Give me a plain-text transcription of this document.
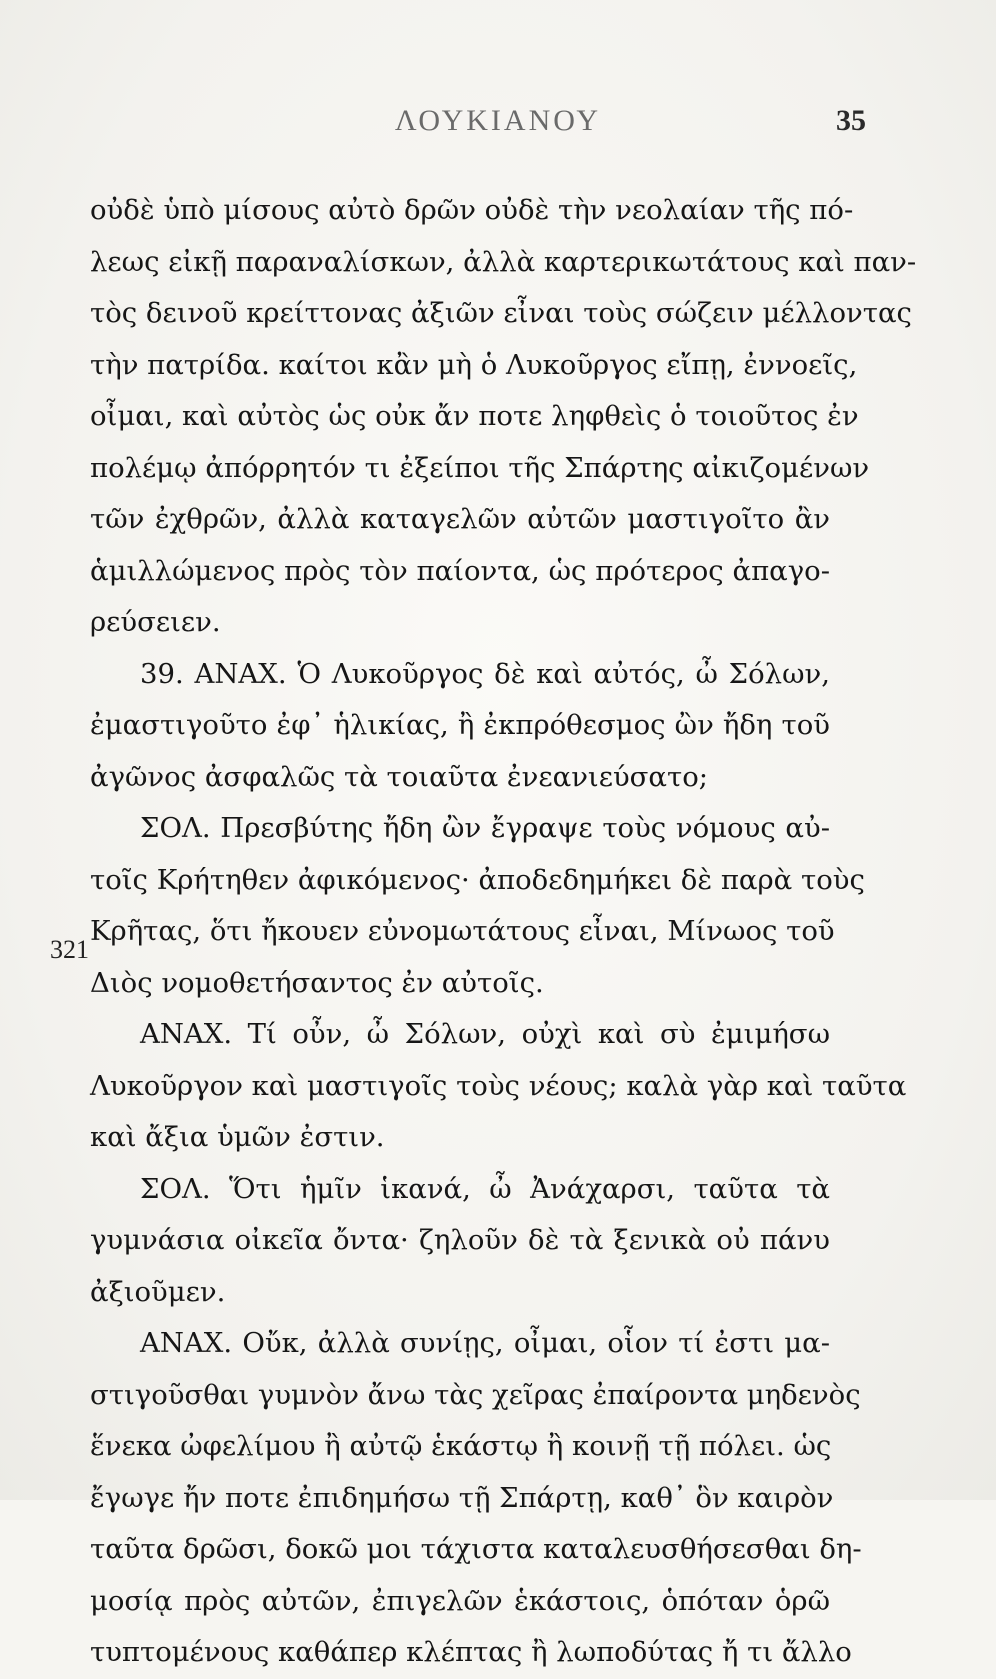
ΛΟΥΚΙΑΝΟΥ	35
321
οὐδὲ ὑπὸ μίσους αὐτὸ δρῶν οὐδὲ τὴν νεολαίαν τῆς πό-
λεως εἰκῇ παραναλίσκων, ἀλλὰ καρτερικωτάτους καὶ παν-
τὸς δεινοῦ κρείττονας ἀξιῶν εἶναι τοὺς σώζειν μέλλοντας
τὴν πατρίδα. καίτοι κἂν μὴ ὁ Λυκοῦργος εἴπῃ, ἐννοεῖς,
οἶμαι, καὶ αὐτὸς ὡς οὐκ ἄν ποτε ληφθεὶς ὁ τοιοῦτος ἐν
πολέμῳ ἀπόρρητόν τι ἐξείποι τῆς Σπάρτης αἰκιζομένων
τῶν ἐχθρῶν, ἀλλὰ καταγελῶν αὐτῶν μαστιγοῖτο ἂν
ἁμιλλώμενος πρὸς τὸν παίοντα, ὡς πρότερος ἀπαγο-
ρεύσειεν.
39. ΑΝΑΧ. Ὁ Λυκοῦργος δὲ καὶ αὐτός, ὦ Σόλων,
ἐμαστιγοῦτο ἐφ᾽ ἡλικίας, ἢ ἐκπρόθεσμος ὢν ἤδη τοῦ
ἀγῶνος ἀσφαλῶς τὰ τοιαῦτα ἐνεανιεύσατο;
ΣΟΛ. Πρεσβύτης ἤδη ὢν ἔγραψε τοὺς νόμους αὐ-
τοῖς Κρήτηθεν ἀφικόμενος· ἀποδεδημήκει δὲ παρὰ τοὺς
Κρῆτας, ὅτι ἤκουεν εὐνομωτάτους εἶναι, Μίνωος τοῦ
Διὸς νομοθετήσαντος ἐν αὐτοῖς.
ΑΝΑΧ. Τί οὖν, ὦ Σόλων, οὐχὶ καὶ σὺ ἐμιμήσω
Λυκοῦργον καὶ μαστιγοῖς τοὺς νέους; καλὰ γὰρ καὶ ταῦτα
καὶ ἄξια ὑμῶν ἐστιν.
ΣΟΛ. Ὅτι ἡμῖν ἱκανά, ὦ Ἀνάχαρσι, ταῦτα τὰ
γυμνάσια οἰκεῖα ὄντα· ζηλοῦν δὲ τὰ ξενικὰ οὐ πάνυ
ἀξιοῦμεν.
ΑΝΑΧ. Οὔκ, ἀλλὰ συνίῃς, οἶμαι, οἷον τί ἐστι μα-
στιγοῦσθαι γυμνὸν ἄνω τὰς χεῖρας ἐπαίροντα μηδενὸς
ἕνεκα ὠφελίμου ἢ αὐτῷ ἑκάστῳ ἢ κοινῇ τῇ πόλει. ὡς
ἔγωγε ἤν ποτε ἐπιδημήσω τῇ Σπάρτῃ, καθ᾽ ὃν καιρὸν
ταῦτα δρῶσι, δοκῶ μοι τάχιστα καταλευσθήσεσθαι δη-
μοσίᾳ πρὸς αὐτῶν, ἐπιγελῶν ἑκάστοις, ὁπόταν ὁρῶ
τυπτομένους καθάπερ κλέπτας ἢ λωποδύτας ἤ τι ἄλλο
